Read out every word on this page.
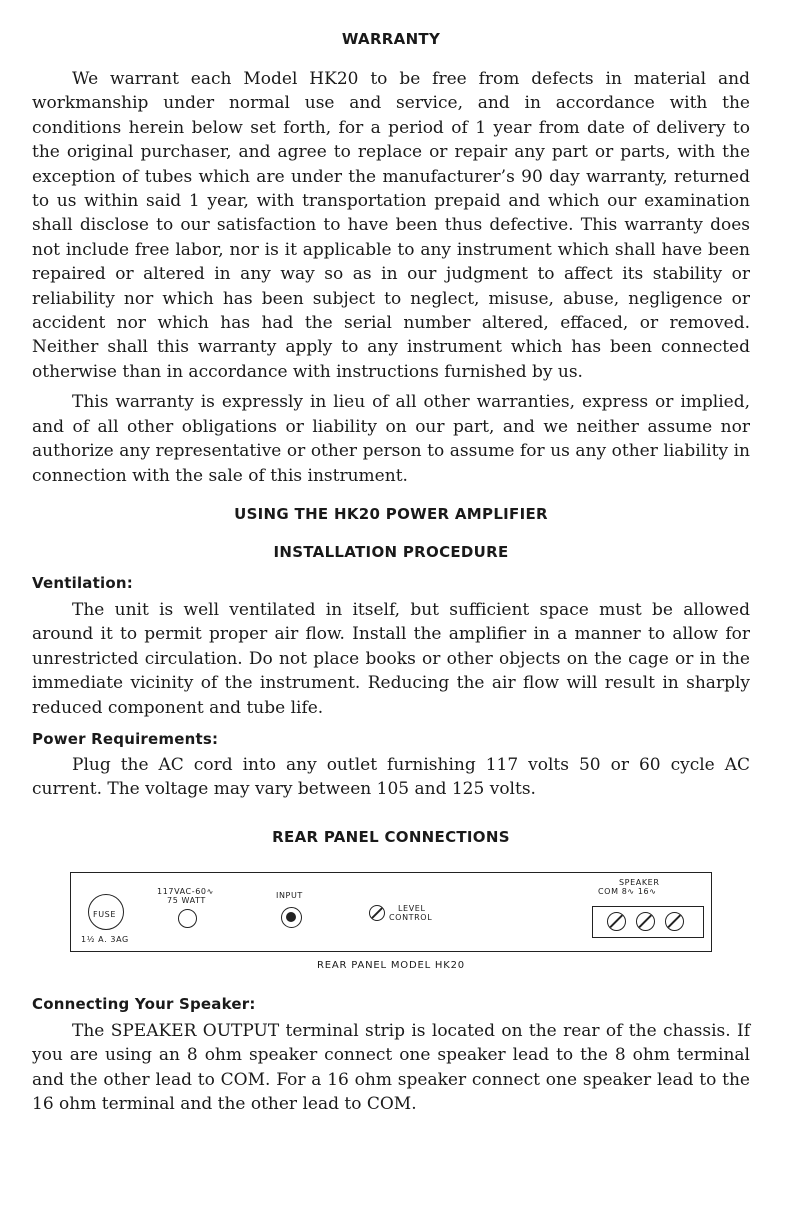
WARRANTY

We warrant each Model HK20 to be free from defects in material and workmanship under normal use and service, and in accordance with the conditions herein below set forth, for a period of 1 year from date of delivery to the original purchaser, and agree to replace or repair any part or parts, with the exception of tubes which are under the manufacturer’s 90 day warranty, returned to us within said 1 year, with transportation prepaid and which our examination shall disclose to our satisfaction to have been thus defective. This warranty does not include free labor, nor is it applicable to any instrument which shall have been repaired or altered in any way so as in our judgment to affect its stability or reliability nor which has been subject to neglect, misuse, abuse, negligence or accident nor which has had the serial number altered, effaced, or removed. Neither shall this warranty apply to any instrument which has been connected otherwise than in accordance with instructions furnished by us.

This warranty is expressly in lieu of all other warranties, express or implied, and of all other obligations or liability on our part, and we neither assume nor authorize any representative or other person to assume for us any other liability in connection with the sale of this instrument.

USING THE HK20 POWER AMPLIFIER
INSTALLATION PROCEDURE
Ventilation:

The unit is well ventilated in itself, but sufficient space must be allowed around it to permit proper air flow. Install the amplifier in a manner to allow for unrestricted circulation. Do not place books or other objects on the cage or in the immediate vicinity of the instrument. Reducing the air flow will result in sharply reduced component and tube life.

Power Requirements:

Plug the AC cord into any outlet furnishing 117 volts 50 or 60 cycle AC current. The voltage may vary between 105 and 125 volts.

REAR PANEL CONNECTIONS
FUSE
1½ A. 3AG
117VAC-60∿
75 WATT
INPUT
LEVEL
CONTROL
SPEAKER
COM 8∿ 16∿
REAR PANEL MODEL HK20
Connecting Your Speaker:

The SPEAKER OUTPUT terminal strip is located on the rear of the chassis. If you are using an 8 ohm speaker connect one speaker lead to the 8 ohm terminal and the other lead to COM. For a 16 ohm speaker connect one speaker lead to the 16 ohm terminal and the other lead to COM.
